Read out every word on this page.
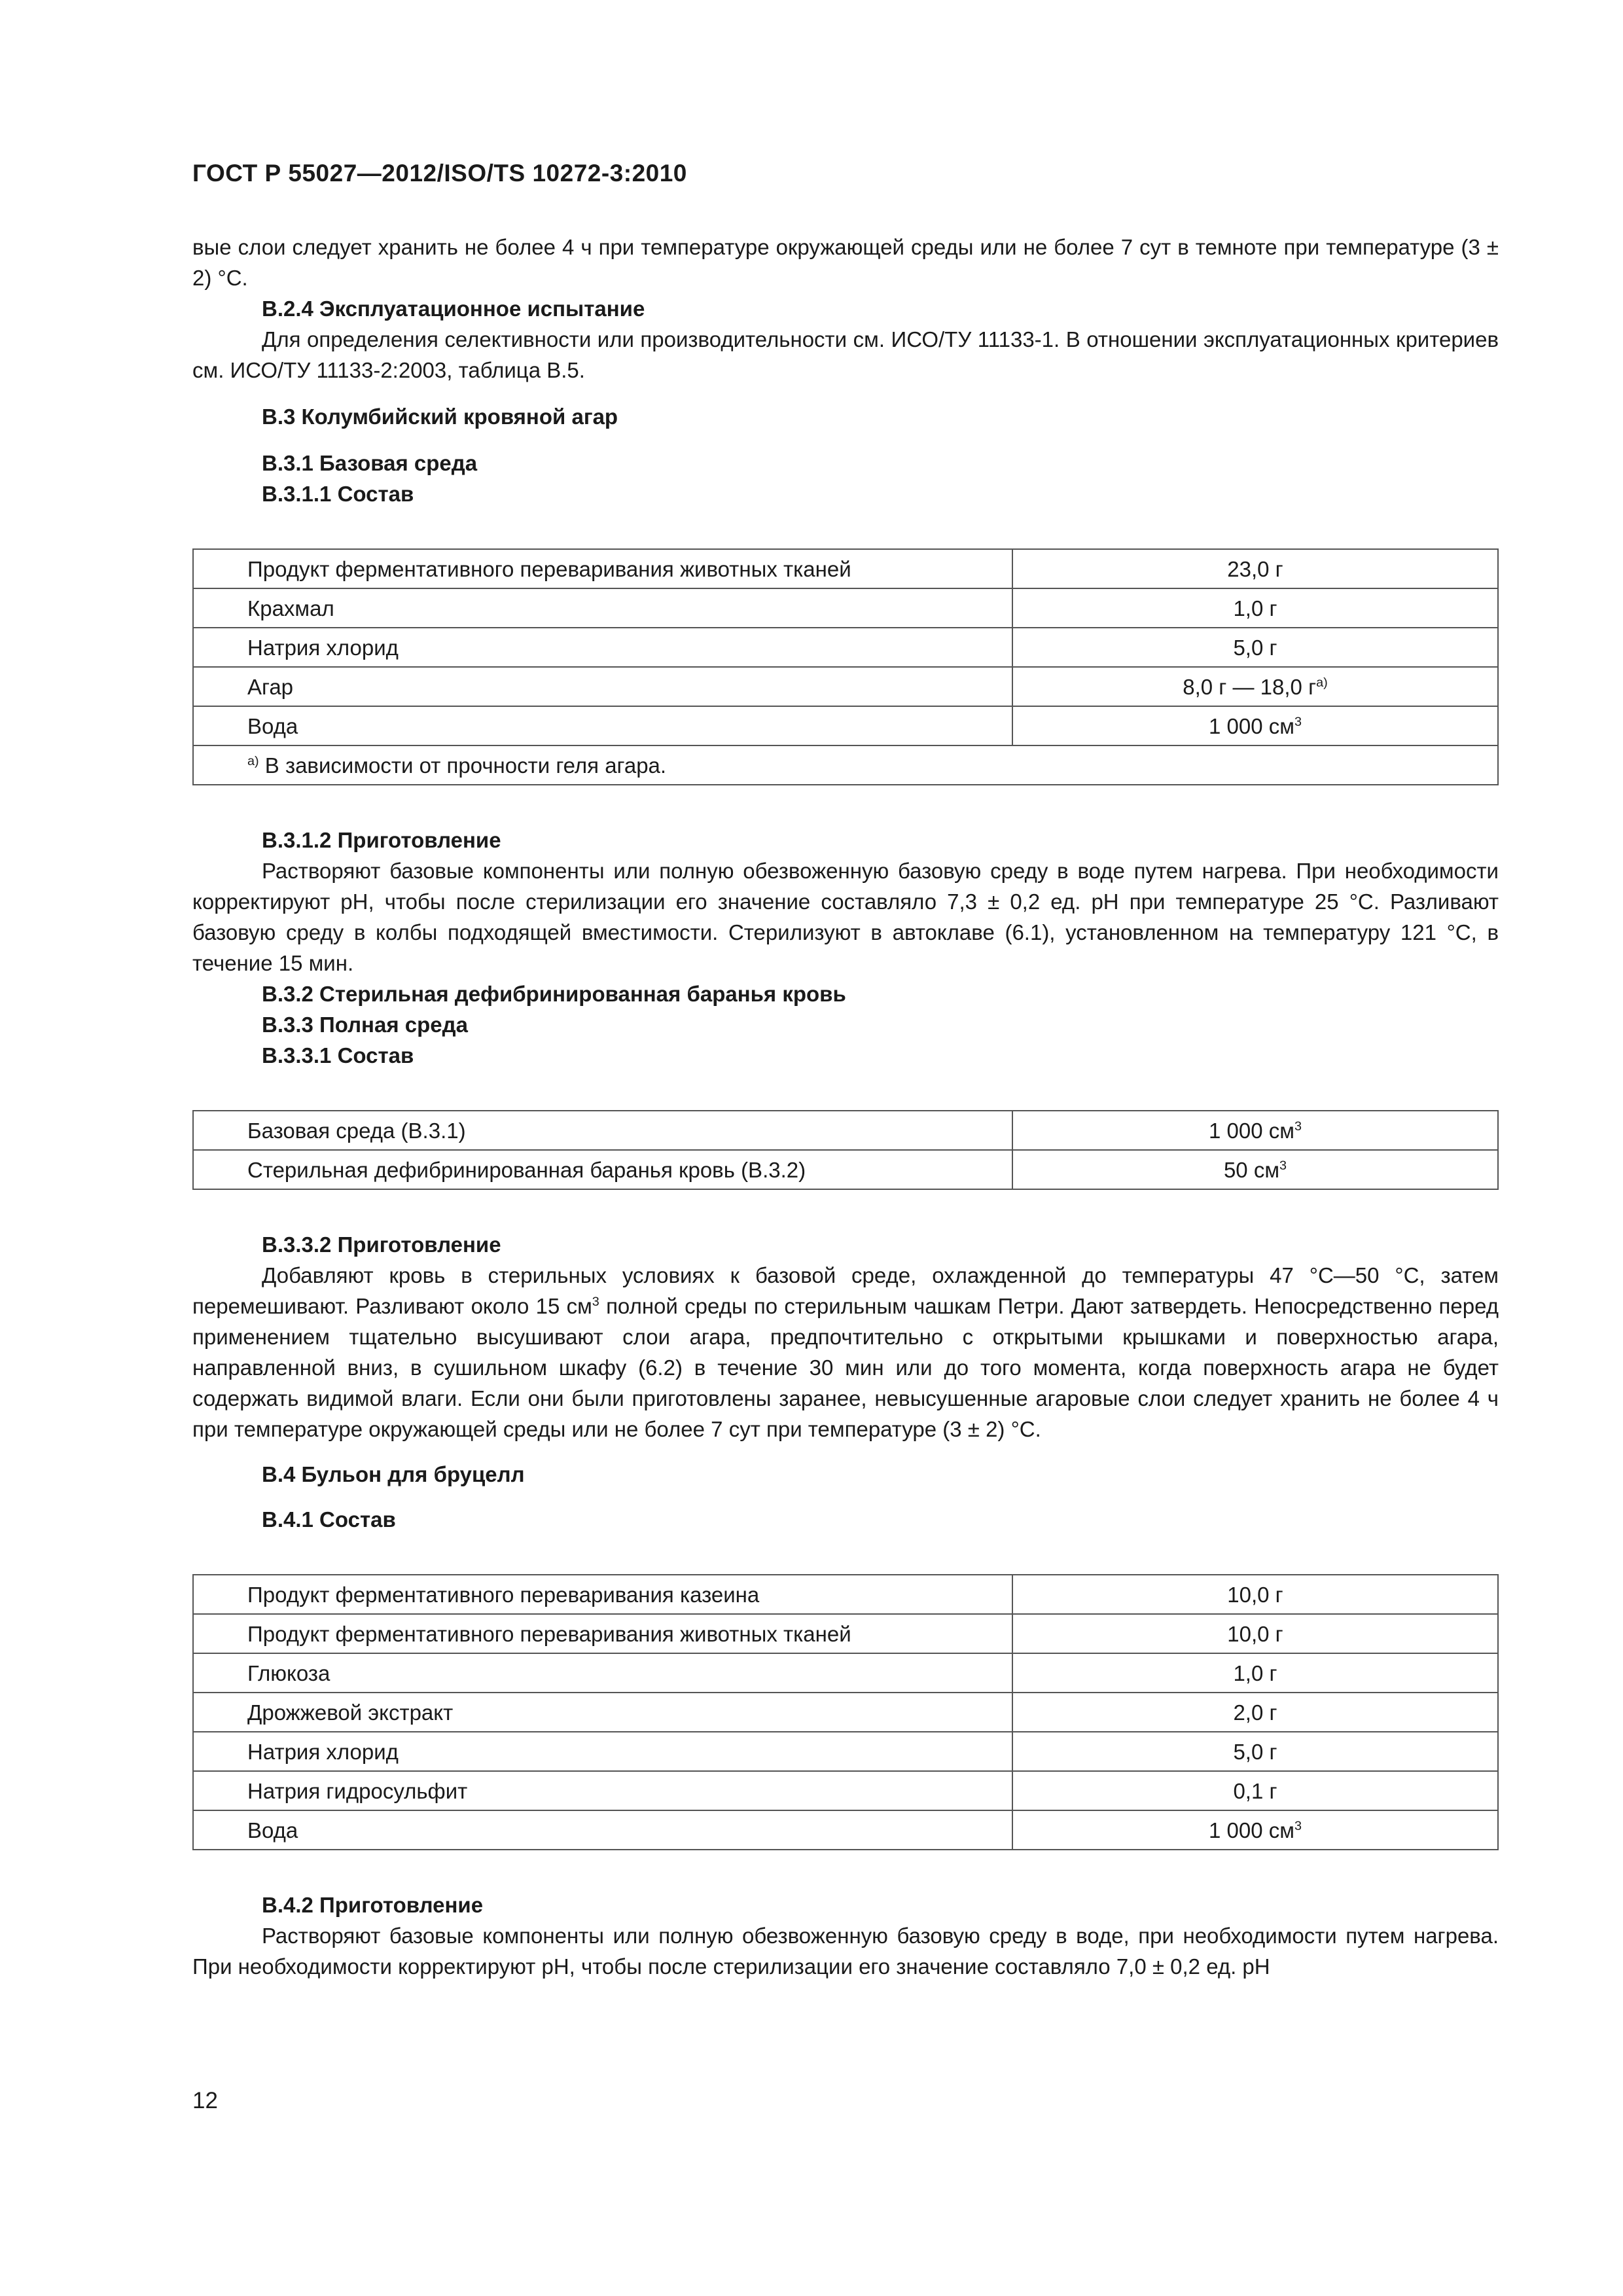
ГОСТ Р 55027—2012/ISO/TS 10272-3:2010

вые слои следует хранить не более 4 ч при температуре окружающей среды или не более 7 сут в темноте при температуре (3 ± 2) °С.

B.2.4 Эксплуатационное испытание

Для определения селективности или производительности см. ИСО/ТУ 11133-1. В отношении эксплуатационных критериев см. ИСО/ТУ 11133-2:2003, таблица В.5.

B.3 Колумбийский кровяной агар

B.3.1 Базовая среда

B.3.1.1 Состав

Продукт ферментативного переваривания животных тканей	23,0 г
Крахмал	1,0 г
Натрия хлорид	5,0 г
Агар	8,0 г — 18,0 $г^{а)}$
Вода	1 000 $см^3$
$^{а)}$ В зависимости от прочности геля агара.	

B.3.1.2 Приготовление

Растворяют базовые компоненты или полную обезвоженную базовую среду в воде путем нагрева. При необходимости корректируют pH, чтобы после стерилизации его значение составляло 7,3 ± 0,2 ед. pH при температуре 25 °С. Разливают базовую среду в колбы подходящей вместимости. Стерилизуют в автоклаве (6.1), установленном на температуру 121 °С, в течение 15 мин.

B.3.2 Стерильная дефибринированная баранья кровь

B.3.3 Полная среда

B.3.3.1 Состав

Базовая среда (В.3.1)	1 000 $см^3$
Стерильная дефибринированная баранья кровь (В.3.2)	50 $см^3$

B.3.3.2 Приготовление

Добавляют кровь в стерильных условиях к базовой среде, охлажденной до температуры 47 °С—50 °С, затем перемешивают. Разливают около 15 $см^3$ полной среды по стерильным чашкам Петри. Дают затвердеть. Непосредственно перед применением тщательно высушивают слои агара, предпочтительно с открытыми крышками и поверхностью агара, направленной вниз, в сушильном шкафу (6.2) в течение 30 мин или до того момента, когда поверхность агара не будет содержать видимой влаги. Если они были приготовлены заранее, невысушенные агаровые слои следует хранить не более 4 ч при температуре окружающей среды или не более 7 сут при температуре (3 ± 2) °С.

B.4 Бульон для бруцелл

B.4.1 Состав

Продукт ферментативного переваривания казеина	10,0 г
Продукт ферментативного переваривания животных тканей	10,0 г
Глюкоза	1,0 г
Дрожжевой экстракт	2,0 г
Натрия хлорид	5,0 г
Натрия гидросульфит	0,1 г
Вода	1 000 $см^3$

B.4.2 Приготовление

Растворяют базовые компоненты или полную обезвоженную базовую среду в воде, при необходимости путем нагрева. При необходимости корректируют pH, чтобы после стерилизации его значение составляло 7,0 ± 0,2 ед. pH

12
